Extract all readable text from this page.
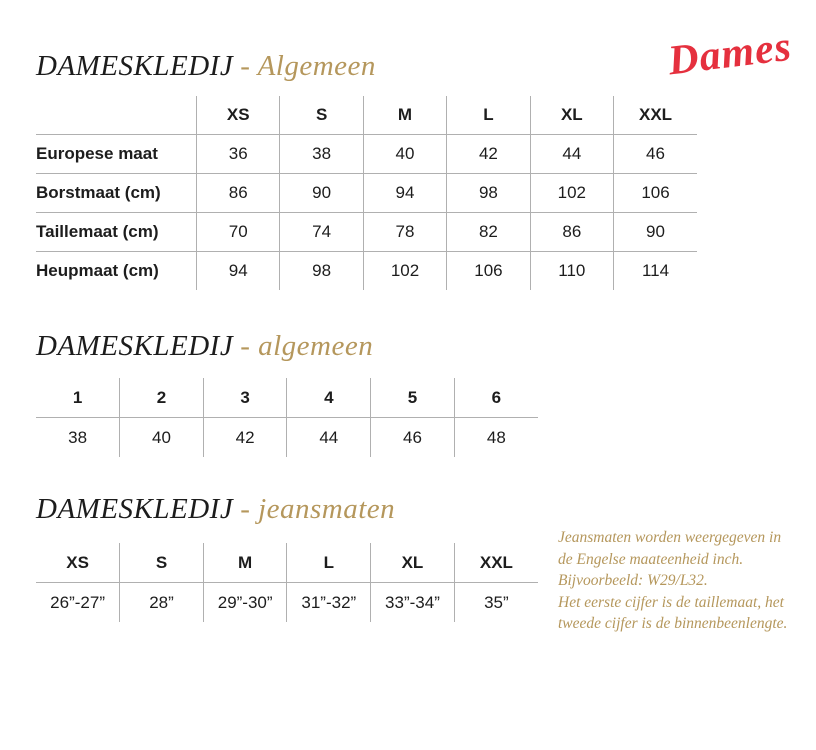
Dames
DAMESKLEDIJ - Algemeen
	XS	S	M	L	XL	XXL
Europese maat	36	38	40	42	44	46
Borstmaat (cm)	86	90	94	98	102	106
Taillemaat (cm)	70	74	78	82	86	90
Heupmaat (cm)	94	98	102	106	110	114
DAMESKLEDIJ - algemeen
1	2	3	4	5	6
38	40	42	44	46	48
DAMESKLEDIJ - jeansmaten
XS	S	M	L	XL	XXL
26”-27”	28”	29”-30”	31”-32”	33”-34”	35”
Jeansmaten worden weergegeven in
de Engelse maateenheid inch.
Bijvoorbeeld: W29/L32.
Het eerste cijfer is de taillemaat, het
tweede cijfer is de binnenbeenlengte.
